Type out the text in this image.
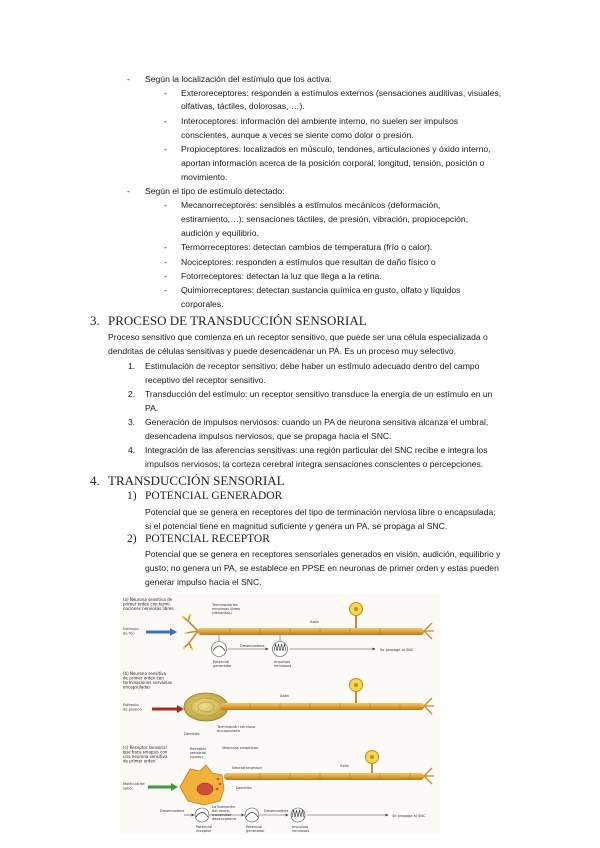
- Según la localización del estímulo que los activa:
- Exteroreceptores: responden a estímulos externos (sensaciones auditivas, visuales,
olfativas, táctiles, dolorosas, …).
- Interoceptores: información del ambiente interno, no suelen ser impulsos
conscientes, aunque a veces se siente como dolor o presión.
- Propioceptores: localizados en músculo, tendones, articulaciones y óxido interno,
aportan información acerca de la posición corporal, longitud, tensión, posición o
movimiento.
- Según el tipo de estímulo detectado:
- Mecanorreceptores: sensibles a estímulos mecánicos (deformación,
estiramiento,…); sensaciones táctiles, de presión, vibración, propiocepción,
audición y equilibrio.
- Termorreceptores: detectan cambios de temperatura (frío o calor).
- Nociceptores: responden a estímulos que resultan de daño físico o
- Fotorreceptores: detectan la luz que llega a la retina.
- Quimiorreceptores: detectan sustancia química en gusto, olfato y líquidos
corporales.
3. PROCESO DE TRANSDUCCIÓN SENSORIAL
Proceso sensitivo que comienza en un receptor sensitivo, que puede ser una célula especializada o
dendritas de células sensitivas y puede desencadenar un PA. Es un proceso muy selectivo.
1. Estimulación de receptor sensitivo: debe haber un estímulo adecuado dentro del campo
receptivo del receptor sensitivo.
2. Transducción del estímulo: un receptor sensitivo transduce la energía de un estímulo en un
PA.
3. Generación de impulsos nerviosos: cuando un PA de neurona sensitiva alcanza el umbral,
desencadena impulsos nerviosos, que se propaga hacia el SNC.
4. Integración de las aferencias sensitivas: una región particular del SNC recibe e integra los
impulsos nerviosos; la corteza cerebral integra sensaciones conscientes o percepciones.
4. TRANSDUCCIÓN SENSORIAL
1) POTENCIAL GENERADOR
Potencial que se genera en receptores del tipo de terminación nerviosa libre o encapsulada;
si el potencial tiene en magnitud suficiente y genera un PA, se propaga al SNC.
2) POTENCIAL RECEPTOR
Potencial que se genera en receptores sensoriales generados en visión, audición, equilibrio y
gusto; no genera un PA, se establece en PPSE en neuronas de primer orden y estas pueden
generar impulso hacia el SNC.
(a) Neurona sensitiva de primer orden con termi-naciones nerviosas libres
Terminaciones nerviosas libres (dendritas)
Estímulo de frío
Axón
Potencial generador
Desencadena
Impulsos nerviosos
Se propaga al SNC
(b) Neurona sensitiva de primer orden con terminaciones nerviosas encapsuladas
Estímulo de presión
Axón
Terminación nerviosa encapsulada
Dendrita
(c) Receptor sensorial que hace sinapsis con una neurona sensitiva de primer orden
Receptor sensorial (gusto)
Vesículas sinápticas
Neurotransmisor
Molécula de sabor
Axón
Dendrita
Potencial receptor
Desencadena
La liberación del neuro-transmisor desencadena
Potencial generador
Desencadena
Impulsos nerviosos
Se propaga al SNC
